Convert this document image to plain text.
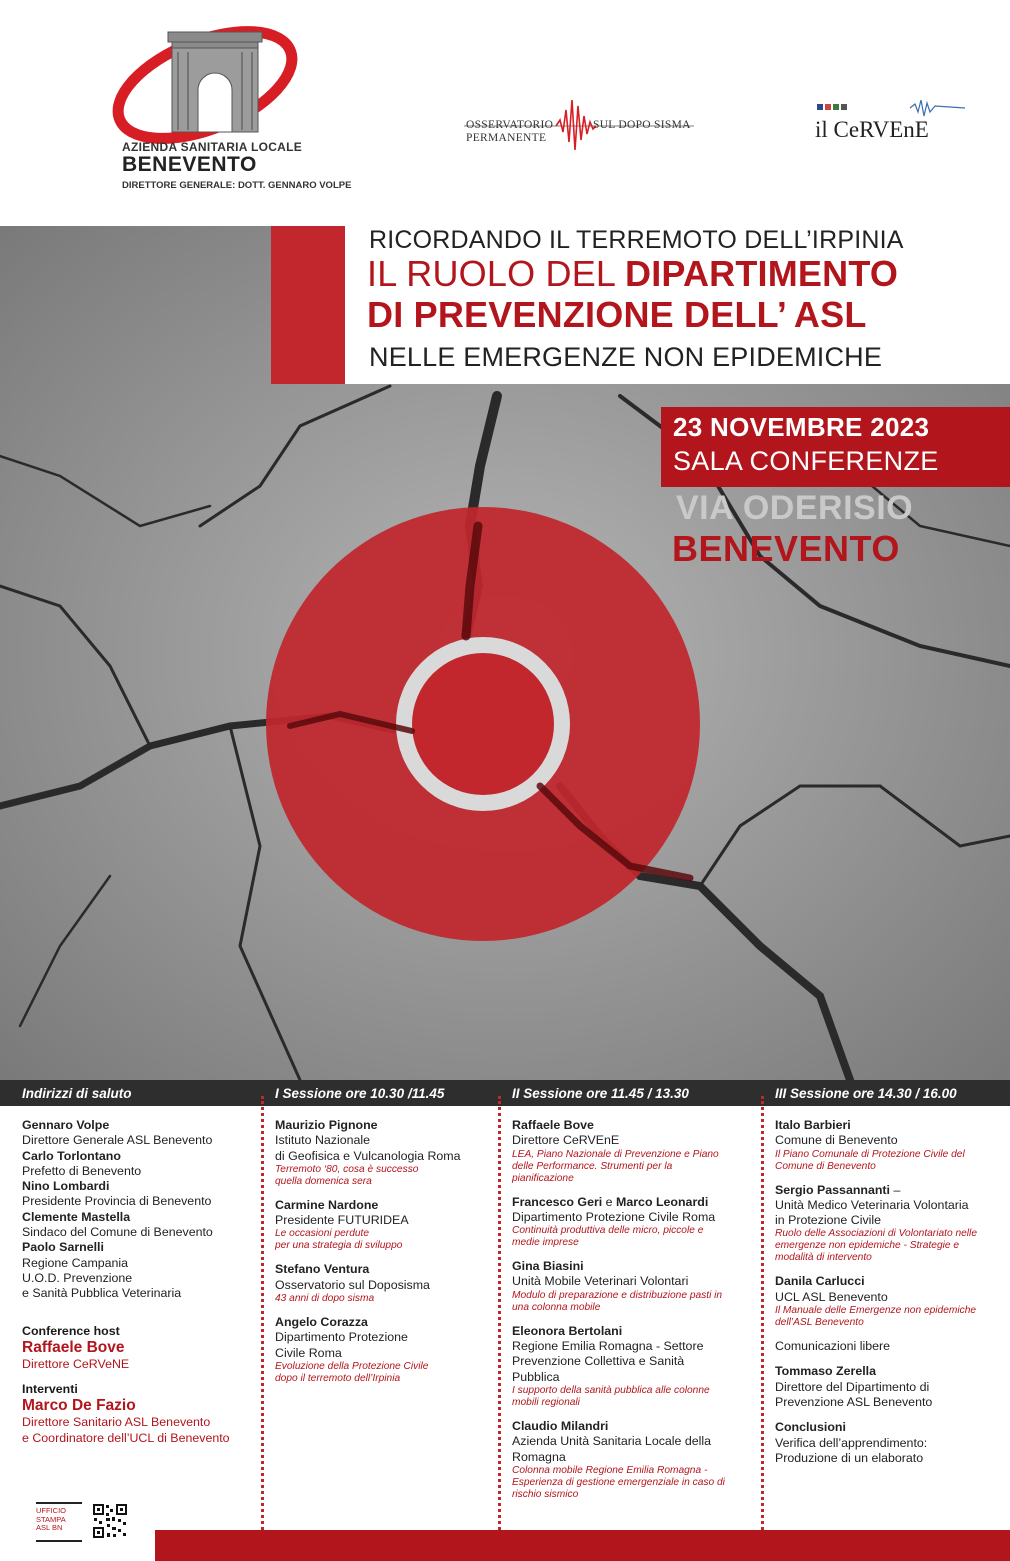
AZIENDA SANITARIA LOCALE
BENEVENTO
DIRETTORE GENERALE: DOTT. GENNARO VOLPE
OSSERVATORIO
PERMANENTE
SUL DOPO SISMA	il CeRVEnE
RICORDANDO IL TERREMOTO DELL’IRPINIA
IL RUOLO DEL DIPARTIMENTO
DI PREVENZIONE DELL’ ASL
NELLE EMERGENZE NON EPIDEMICHE
23 NOVEMBRE 2023
SALA CONFERENZE
VIA ODERISIO
BENEVENTO
Indirizzi di saluto	I Sessione ore 10.30 /11.45	II Sessione ore 11.45 / 13.30	III Sessione ore 14.30 / 16.00
Gennaro Volpe
Direttore Generale ASL Benevento
Carlo Torlontano
Prefetto di Benevento
Nino Lombardi
Presidente Provincia di Benevento
Clemente Mastella
Sindaco del Comune di Benevento
Paolo Sarnelli
Regione Campania
U.O.D. Prevenzione
e Sanità Pubblica Veterinaria
Conference host
Raffaele Bove
Direttore CeRVeNE
Interventi
Marco De Fazio
Direttore Sanitario ASL Benevento
e Coordinatore dell’UCL di Benevento
Maurizio Pignone
Istituto Nazionale
di Geofisica e Vulcanologia Roma
Terremoto ‘80, cosa è successo
quella domenica sera
Carmine Nardone
Presidente FUTURIDEA
Le occasioni perdute
per una strategia di sviluppo
Stefano Ventura
Osservatorio sul Doposisma
43 anni di dopo sisma
Angelo Corazza
Dipartimento Protezione
Civile Roma
Evoluzione della Protezione Civile
dopo il terremoto dell’Irpinia
Raffaele Bove
Direttore CeRVEnE
LEA, Piano Nazionale di Prevenzione e Piano
delle Performance. Strumenti per la
pianificazione
Francesco Geri e Marco Leonardi
Dipartimento Protezione Civile Roma
Continuità produttiva delle micro, piccole e
medie imprese
Gina Biasini
Unità Mobile Veterinari Volontari
Modulo di preparazione e distribuzione pasti in
una colonna mobile
Eleonora Bertolani
Regione Emilia Romagna - Settore
Prevenzione Collettiva e Sanità
Pubblica
I supporto della sanità pubblica alle colonne
mobili regionali
Claudio Milandri
Azienda Unità Sanitaria Locale della
Romagna
Colonna mobile Regione Emilia Romagna -
Esperienza di gestione emergenziale in caso di
rischio sismico
Italo Barbieri
Comune di Benevento
Il Piano Comunale di Protezione Civile del
Comune di Benevento
Sergio Passannanti –
Unità Medico Veterinaria Volontaria
in Protezione Civile
Ruolo delle Associazioni di Volontariato nelle
emergenze non epidemiche - Strategie e
modalità di intervento
Danila Carlucci
UCL ASL Benevento
Il Manuale delle Emergenze non epidemiche
dell’ASL Benevento
Comunicazioni libere
Tommaso Zerella
Direttore del Dipartimento di
Prevenzione ASL Benevento
Conclusioni
Verifica dell’apprendimento:
Produzione di un elaborato
UFFICIO
STAMPA
ASL BN
